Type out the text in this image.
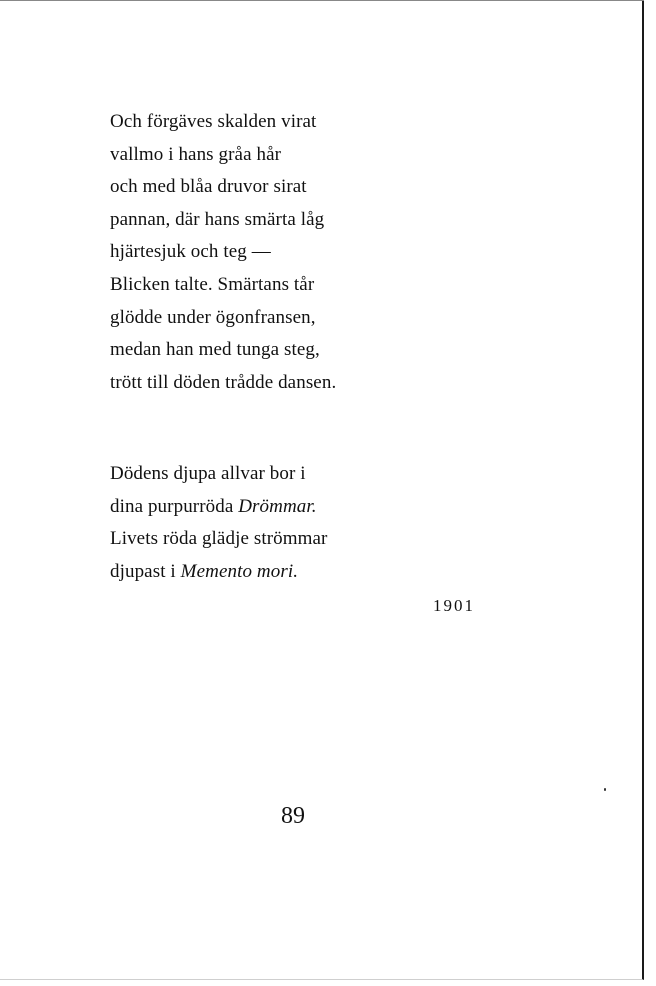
Och förgäves skalden virat
vallmo i hans gråa hår
och med blåa druvor sirat
pannan, där hans smärta låg
hjärtesjuk och teg —
Blicken talte. Smärtans tår
glödde under ögonfransen,
medan han med tunga steg,
trött till döden trådde dansen.
Dödens djupa allvar bor i
dina purpurröda Drömmar.
Livets röda glädje strömmar
djupast i Memento mori.
1901
89
